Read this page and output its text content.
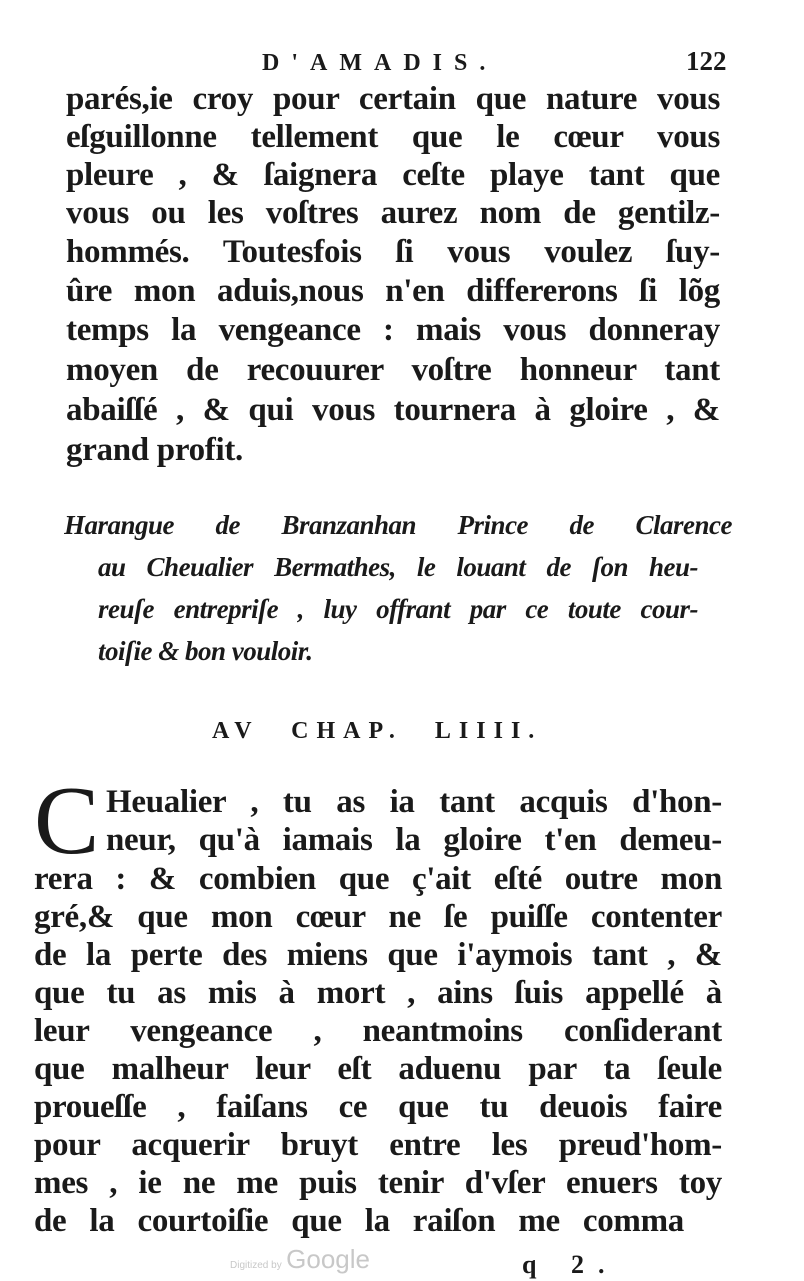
D'AMADIS.	122
parés,ie croy pour certain que nature vous
eſguillonne tellement que le cœur vous
pleure , & ſaignera ceſte playe tant que
vous ou les voſtres aurez nom de gentilz-
hommés. Toutesfois ſi vous voulez ſuy-
ûre mon aduis,nous n'en differerons ſi lõg
temps la vengeance : mais vous donneray
moyen de recouurer voſtre honneur tant
abaiſſé , & qui vous tournera à gloire , &
grand profit.
Harangue de Branzanhan Prince de Clarence
au Cheualier Bermathes, le louant de ſon heu-
reuſe entrepriſe , luy offrant par ce toute cour-
toiſie & bon vouloir.
AV CHAP. LIIII.
C Heualier , tu as ia tant acquis d'hon-
neur, qu'à iamais la gloire t'en demeu-
rera : & combien que ç'ait eſté outre mon
gré,& que mon cœur ne ſe puiſſe contenter
de la perte des miens que i'aymois tant , &
que tu as mis à mort , ains ſuis appellé à
leur vengeance , neantmoins conſiderant
que malheur leur eſt aduenu par ta ſeule
proueſſe , faiſans ce que tu deuois faire
pour acquerir bruyt entre les preud'hom-
mes , ie ne me puis tenir d'vſer enuers toy
de la courtoiſie que la raiſon me comma
Digitized by Google	q 2.
